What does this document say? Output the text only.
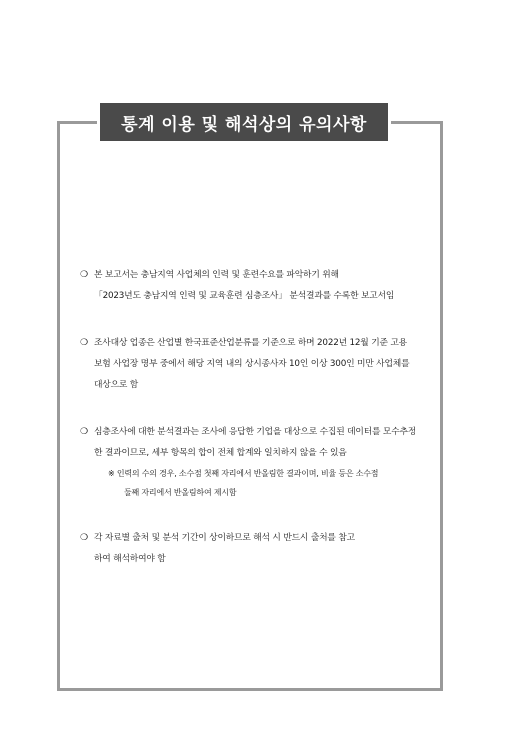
통계 이용 및 해석상의 유의사항
❍ 본 보고서는 충남지역 사업체의 인력 및 훈련수요를 파악하기 위해
「2023년도 충남지역 인력 및 교육훈련 심층조사」 분석결과를 수록한 보고서임
❍ 조사대상 업종은 산업별 한국표준산업분류를 기준으로 하며 2022년 12월 기준 고용
보험 사업장 명부 중에서 해당 지역 내의 상시종사자 10인 이상 300인 미만 사업체를
대상으로 함
❍ 심층조사에 대한 분석결과는 조사에 응답한 기업을 대상으로 수집된 데이터를 모수추정
한 결과이므로, 세부 항목의 합이 전체 합계와 일치하지 않을 수 있음
※ 인력의 수의 경우, 소수점 첫째 자리에서 반올림한 결과이며, 비율 등은 소수점
둘째 자리에서 반올림하여 제시함
❍ 각 자료별 출처 및 분석 기간이 상이하므로 해석 시 반드시 출처를 참고
하여 해석하여야 함
